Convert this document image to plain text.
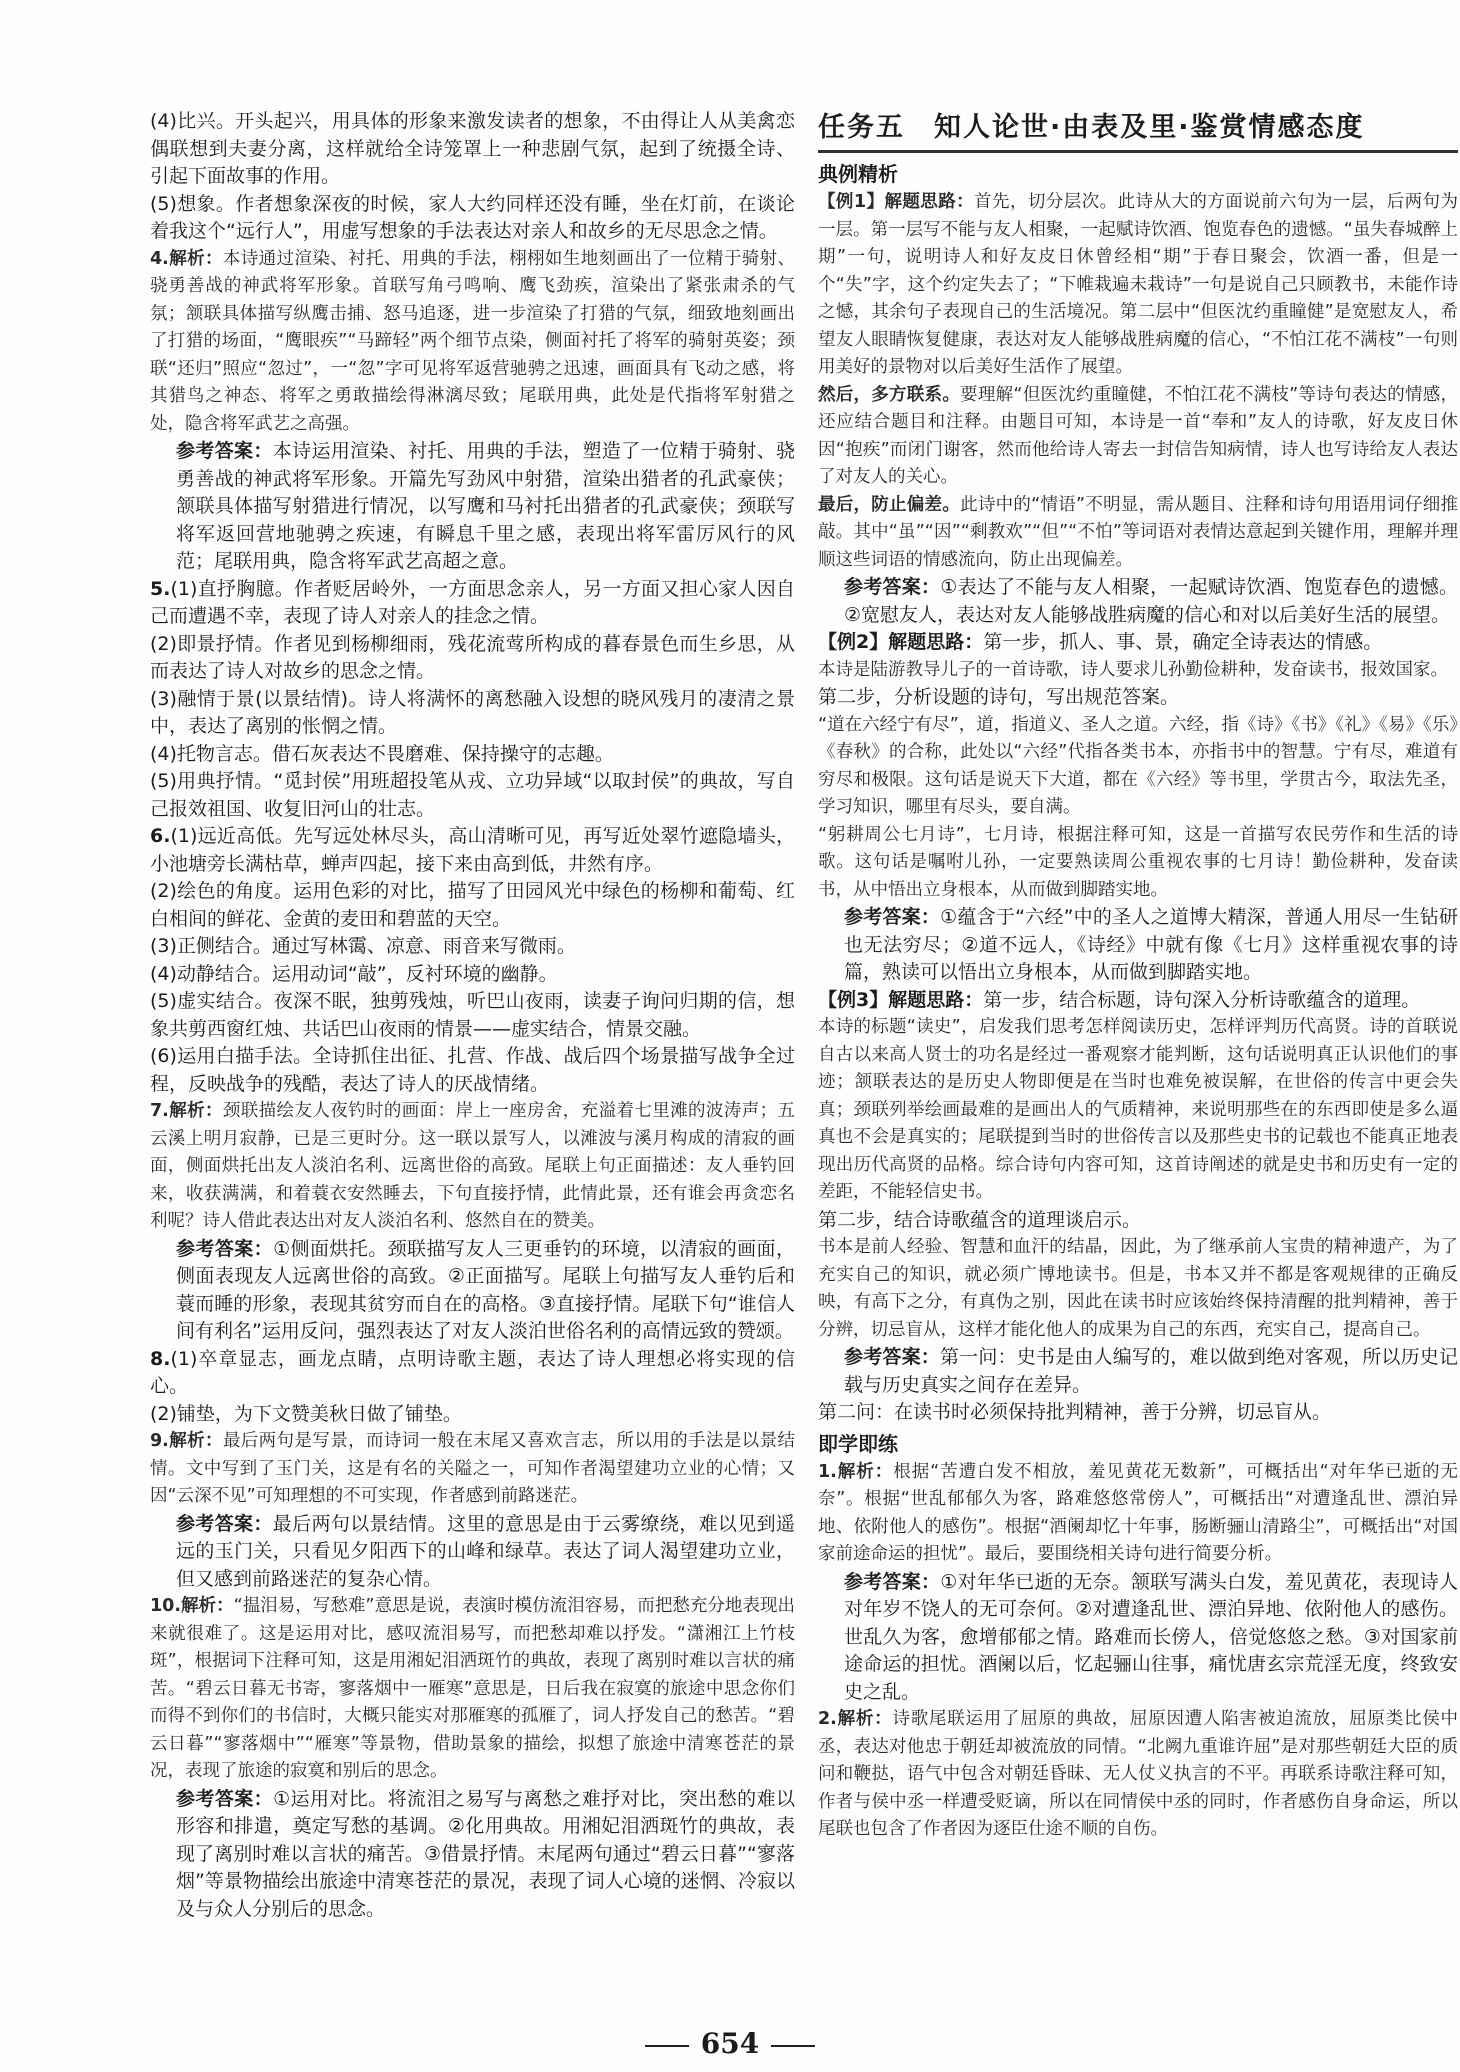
(4)比兴。开头起兴，用具体的形象来激发读者的想象，不由得让人从美禽恋偶联想到夫妻分离，这样就给全诗笼罩上一种悲剧气氛，起到了统摄全诗、引起下面故事的作用。

(5)想象。作者想象深夜的时候，家人大约同样还没有睡，坐在灯前，在谈论着我这个“远行人”，用虚写想象的手法表达对亲人和故乡的无尽思念之情。

4.解析：本诗通过渲染、衬托、用典的手法，栩栩如生地刻画出了一位精于骑射、骁勇善战的神武将军形象。首联写角弓鸣响、鹰飞劲疾，渲染出了紧张肃杀的气氛；颔联具体描写纵鹰击捕、怒马追逐，进一步渲染了打猎的气氛，细致地刻画出了打猎的场面，“鹰眼疾”“马蹄轻”两个细节点染，侧面衬托了将军的骑射英姿；颈联“还归”照应“忽过”，一“忽”字可见将军返营驰骋之迅速，画面具有飞动之感，将其猎鸟之神态、将军之勇敢描绘得淋漓尽致；尾联用典，此处是代指将军射猎之处，隐含将军武艺之高强。

参考答案：本诗运用渲染、衬托、用典的手法，塑造了一位精于骑射、骁勇善战的神武将军形象。开篇先写劲风中射猎，渲染出猎者的孔武豪侠；颔联具体描写射猎进行情况，以写鹰和马衬托出猎者的孔武豪侠；颈联写将军返回营地驰骋之疾速，有瞬息千里之感，表现出将军雷厉风行的风范；尾联用典，隐含将军武艺高超之意。

5.(1)直抒胸臆。作者贬居岭外，一方面思念亲人，另一方面又担心家人因自己而遭遇不幸，表现了诗人对亲人的挂念之情。

(2)即景抒情。作者见到杨柳细雨，残花流莺所构成的暮春景色而生乡思，从而表达了诗人对故乡的思念之情。

(3)融情于景(以景结情)。诗人将满怀的离愁融入设想的晓风残月的凄清之景中，表达了离别的怅惘之情。

(4)托物言志。借石灰表达不畏磨难、保持操守的志趣。

(5)用典抒情。“觅封侯”用班超投笔从戎、立功异域“以取封侯”的典故，写自己报效祖国、收复旧河山的壮志。

6.(1)远近高低。先写远处林尽头，高山清晰可见，再写近处翠竹遮隐墙头，小池塘旁长满枯草，蝉声四起，接下来由高到低，井然有序。

(2)绘色的角度。运用色彩的对比，描写了田园风光中绿色的杨柳和葡萄、红白相间的鲜花、金黄的麦田和碧蓝的天空。

(3)正侧结合。通过写林霭、凉意、雨音来写微雨。

(4)动静结合。运用动词“敲”，反衬环境的幽静。

(5)虚实结合。夜深不眠，独剪残烛，听巴山夜雨，读妻子询问归期的信，想象共剪西窗红烛、共话巴山夜雨的情景——虚实结合，情景交融。

(6)运用白描手法。全诗抓住出征、扎营、作战、战后四个场景描写战争全过程，反映战争的残酷，表达了诗人的厌战情绪。

7.解析：颈联描绘友人夜钓时的画面：岸上一座房舍，充溢着七里滩的波涛声；五云溪上明月寂静，已是三更时分。这一联以景写人，以滩波与溪月构成的清寂的画面，侧面烘托出友人淡泊名利、远离世俗的高致。尾联上句正面描述：友人垂钓回来，收获满满，和着蓑衣安然睡去，下句直接抒情，此情此景，还有谁会再贪恋名利呢？诗人借此表达出对友人淡泊名利、悠然自在的赞美。

参考答案：①侧面烘托。颈联描写友人三更垂钓的环境，以清寂的画面，侧面表现友人远离世俗的高致。②正面描写。尾联上句描写友人垂钓后和蓑而睡的形象，表现其贫穷而自在的高格。③直接抒情。尾联下句“谁信人间有利名”运用反问，强烈表达了对友人淡泊世俗名利的高情远致的赞颂。

8.(1)卒章显志，画龙点睛，点明诗歌主题，表达了诗人理想必将实现的信心。

(2)铺垫，为下文赞美秋日做了铺垫。

9.解析：最后两句是写景，而诗词一般在末尾又喜欢言志，所以用的手法是以景结情。文中写到了玉门关，这是有名的关隘之一，可知作者渴望建功立业的心情；又因“云深不见”可知理想的不可实现，作者感到前路迷茫。

参考答案：最后两句以景结情。这里的意思是由于云雾缭绕，难以见到遥远的玉门关，只看见夕阳西下的山峰和绿草。表达了词人渴望建功立业，但又感到前路迷茫的复杂心情。

10.解析：“揾泪易，写愁难”意思是说，表演时模仿流泪容易，而把愁充分地表现出来就很难了。这是运用对比，感叹流泪易写，而把愁却难以抒发。“潇湘江上竹枝斑”，根据词下注释可知，这是用湘妃泪洒斑竹的典故，表现了离别时难以言状的痛苦。“碧云日暮无书寄，寥落烟中一雁寒”意思是，日后我在寂寞的旅途中思念你们而得不到你们的书信时，大概只能实对那雁寒的孤雁了，词人抒发自己的愁苦。“碧云日暮”“寥落烟中”“雁寒”等景物，借助景象的描绘，拟想了旅途中清寒苍茫的景况，表现了旅途的寂寞和别后的思念。

参考答案：①运用对比。将流泪之易写与离愁之难抒对比，突出愁的难以形容和排遣，奠定写愁的基调。②化用典故。用湘妃泪洒斑竹的典故，表现了离别时难以言状的痛苦。③借景抒情。末尾两句通过“碧云日暮”“寥落烟”等景物描绘出旅途中清寒苍茫的景况，表现了词人心境的迷惘、冷寂以及与众人分别后的思念。

任务五　知人论世·由表及里·鉴赏情感态度
典例精析

【例1】解题思路：首先，切分层次。此诗从大的方面说前六句为一层，后两句为一层。第一层写不能与友人相聚，一起赋诗饮酒、饱览春色的遗憾。“虽失春城醉上期”一句，说明诗人和好友皮日休曾经相“期”于春日聚会，饮酒一番，但是一个“失”字，这个约定失去了；“下帷栽遍未栽诗”一句是说自己只顾教书，未能作诗之憾，其余句子表现自己的生活境况。第二层中“但医沈约重瞳健”是宽慰友人，希望友人眼睛恢复健康，表达对友人能够战胜病魔的信心，“不怕江花不满枝”一句则用美好的景物对以后美好生活作了展望。

然后，多方联系。要理解“但医沈约重瞳健，不怕江花不满枝”等诗句表达的情感，还应结合题目和注释。由题目可知，本诗是一首“奉和”友人的诗歌，好友皮日休因“抱疾”而闭门谢客，然而他给诗人寄去一封信告知病情，诗人也写诗给友人表达了对友人的关心。

最后，防止偏差。此诗中的“情语”不明显，需从题目、注释和诗句用语用词仔细推敲。其中“虽”“因”“剩教欢”“但”“不怕”等词语对表情达意起到关键作用，理解并理顺这些词语的情感流向，防止出现偏差。

参考答案：①表达了不能与友人相聚，一起赋诗饮酒、饱览春色的遗憾。②宽慰友人，表达对友人能够战胜病魔的信心和对以后美好生活的展望。

【例2】解题思路：第一步，抓人、事、景，确定全诗表达的情感。

本诗是陆游教导儿子的一首诗歌，诗人要求儿孙勤俭耕种，发奋读书，报效国家。

第二步，分析设题的诗句，写出规范答案。

“道在六经宁有尽”，道，指道义、圣人之道。六经，指《诗》《书》《礼》《易》《乐》《春秋》的合称，此处以“六经”代指各类书本，亦指书中的智慧。宁有尽，难道有穷尽和极限。这句话是说天下大道，都在《六经》等书里，学贯古今，取法先圣，学习知识，哪里有尽头，要自满。

“躬耕周公七月诗”，七月诗，根据注释可知，这是一首描写农民劳作和生活的诗歌。这句话是嘱咐儿孙，一定要熟读周公重视农事的七月诗！勤俭耕种，发奋读书，从中悟出立身根本，从而做到脚踏实地。

参考答案：①蕴含于“六经”中的圣人之道博大精深，普通人用尽一生钻研也无法穷尽；②道不远人，《诗经》中就有像《七月》这样重视农事的诗篇，熟读可以悟出立身根本，从而做到脚踏实地。

【例3】解题思路：第一步，结合标题，诗句深入分析诗歌蕴含的道理。

本诗的标题“读史”，启发我们思考怎样阅读历史，怎样评判历代高贤。诗的首联说自古以来高人贤士的功名是经过一番观察才能判断，这句话说明真正认识他们的事迹；颔联表达的是历史人物即便是在当时也难免被误解，在世俗的传言中更会失真；颈联列举绘画最难的是画出人的气质精神，来说明那些在的东西即使是多么逼真也不会是真实的；尾联提到当时的世俗传言以及那些史书的记载也不能真正地表现出历代高贤的品格。综合诗句内容可知，这首诗阐述的就是史书和历史有一定的差距，不能轻信史书。

第二步，结合诗歌蕴含的道理谈启示。

书本是前人经验、智慧和血汗的结晶，因此，为了继承前人宝贵的精神遗产，为了充实自己的知识，就必须广博地读书。但是，书本又并不都是客观规律的正确反映，有高下之分，有真伪之别，因此在读书时应该始终保持清醒的批判精神，善于分辨，切忌盲从，这样才能化他人的成果为自己的东西，充实自己，提高自己。

参考答案：第一问：史书是由人编写的，难以做到绝对客观，所以历史记载与历史真实之间存在差异。

第二问：在读书时必须保持批判精神，善于分辨，切忌盲从。

即学即练

1.解析：根据“苦遭白发不相放，羞见黄花无数新”，可概括出“对年华已逝的无奈”。根据“世乱郁郁久为客，路难悠悠常傍人”，可概括出“对遭逢乱世、漂泊异地、依附他人的感伤”。根据“酒阑却忆十年事，肠断骊山清路尘”，可概括出“对国家前途命运的担忧”。最后，要围绕相关诗句进行简要分析。

参考答案：①对年华已逝的无奈。颔联写满头白发，羞见黄花，表现诗人对年岁不饶人的无可奈何。②对遭逢乱世、漂泊异地、依附他人的感伤。世乱久为客，愈增郁郁之情。路难而长傍人，倍觉悠悠之愁。③对国家前途命运的担忧。酒阑以后，忆起骊山往事，痛忧唐玄宗荒淫无度，终致安史之乱。

2.解析：诗歌尾联运用了屈原的典故，屈原因遭人陷害被迫流放，屈原类比侯中丞，表达对他忠于朝廷却被流放的同情。“北阙九重谁许屈”是对那些朝廷大臣的质问和鞭挞，语气中包含对朝廷昏昧、无人仗义执言的不平。再联系诗歌注释可知，作者与侯中丞一样遭受贬谪，所以在同情侯中丞的同时，作者感伤自身命运，所以尾联也包含了作者因为逐臣仕途不顺的自伤。

654
